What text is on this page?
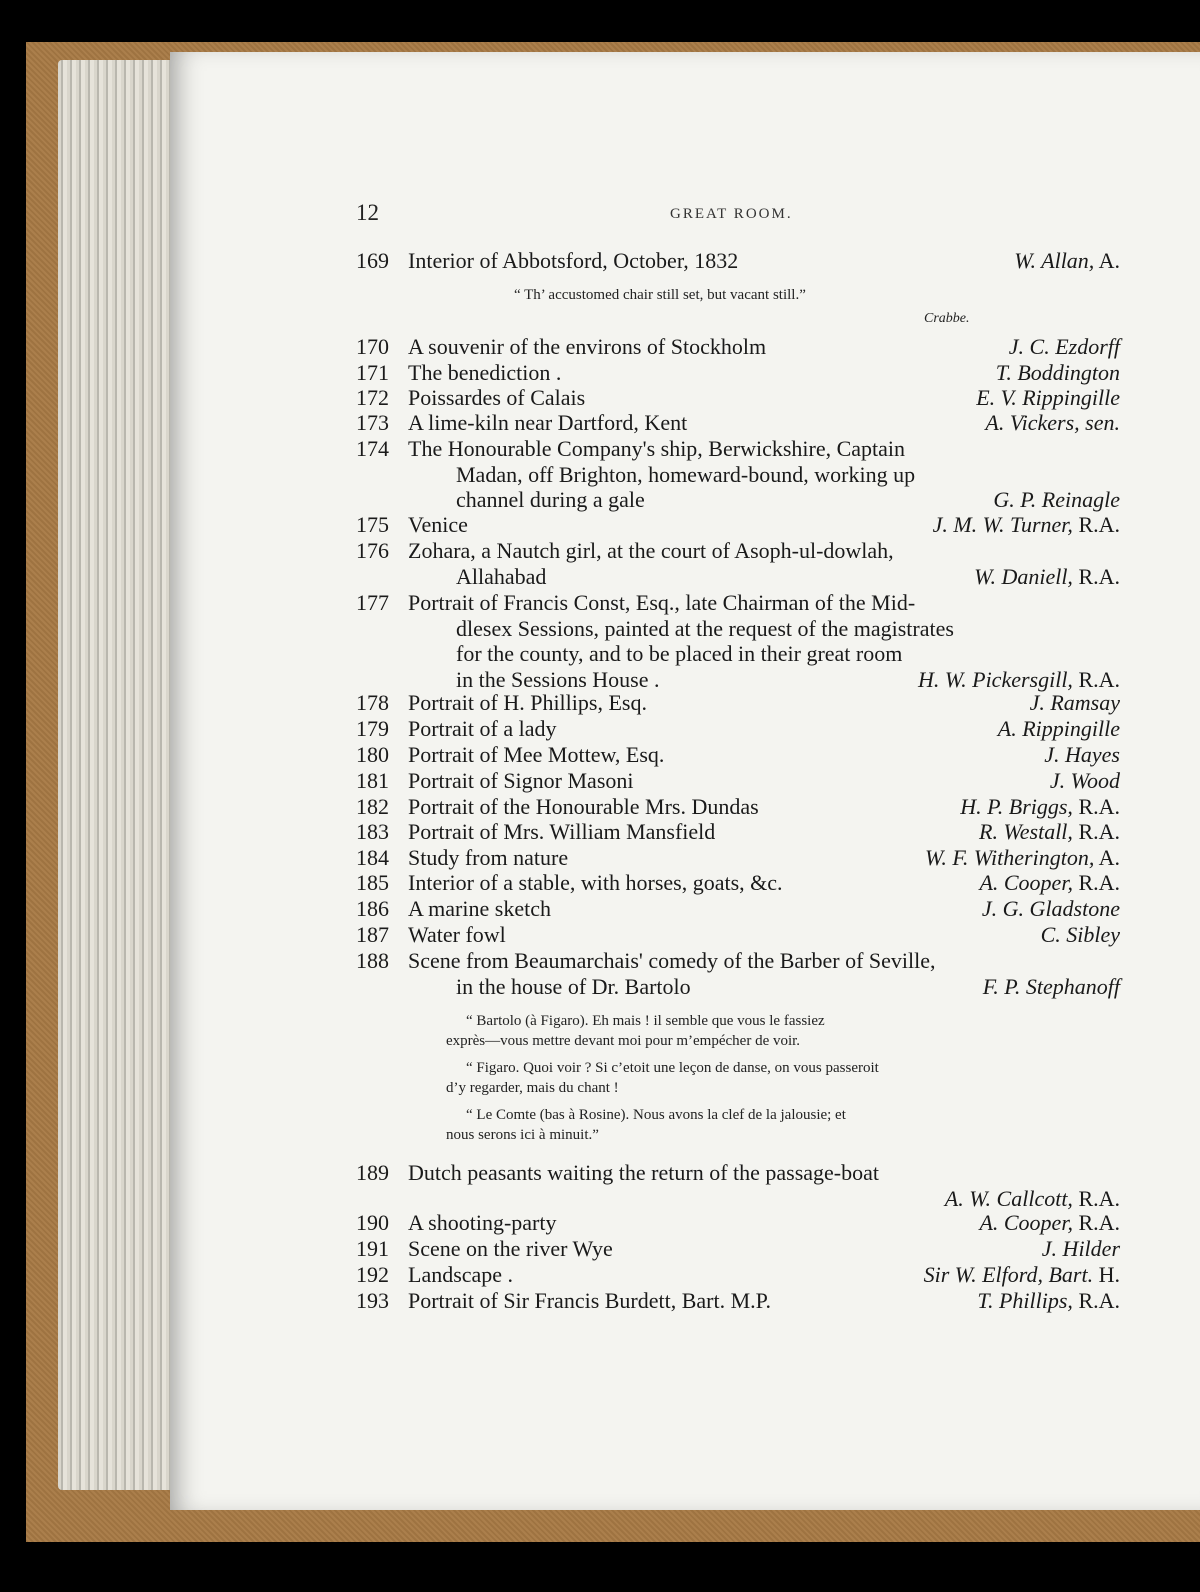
12	GREAT ROOM.
169 Interior of Abbotsford, October, 1832	W. Allan, A.
170 A souvenir of the environs of Stockholm	J. C. Ezdorff
171 The benediction .	T. Boddington
172 Poissardes of Calais	E. V. Rippingille
173 A lime-kiln near Dartford, Kent	A. Vickers, sen.
174 The Honourable Company's ship, Berwickshire, Captain
Madan, off Brighton, homeward-bound, working up
channel during a gale	G. P. Reinagle
175 Venice	J. M. W. Turner, R.A.
176 Zohara, a Nautch girl, at the court of Asoph-ul-dowlah,
Allahabad	W. Daniell, R.A.
177 Portrait of Francis Const, Esq., late Chairman of the Mid-
dlesex Sessions, painted at the request of the magistrates
for the county, and to be placed in their great room
in the Sessions House .	H. W. Pickersgill, R.A.
178 Portrait of H. Phillips, Esq.	J. Ramsay
179 Portrait of a lady	A. Rippingille
180 Portrait of Mee Mottew, Esq.	J. Hayes
181 Portrait of Signor Masoni	J. Wood
182 Portrait of the Honourable Mrs. Dundas	H. P. Briggs, R.A.
183 Portrait of Mrs. William Mansfield	R. Westall, R.A.
184 Study from nature	W. F. Witherington, A.
185 Interior of a stable, with horses, goats, &c.	A. Cooper, R.A.
186 A marine sketch	J. G. Gladstone
187 Water fowl	C. Sibley
188 Scene from Beaumarchais' comedy of the Barber of Seville,
in the house of Dr. Bartolo	F. P. Stephanoff
189 Dutch peasants waiting the return of the passage-boat
A. W. Callcott, R.A.
190 A shooting-party	A. Cooper, R.A.
191 Scene on the river Wye	J. Hilder
192 Landscape .	Sir W. Elford, Bart. H.
193 Portrait of Sir Francis Burdett, Bart. M.P.	T. Phillips, R.A.
“ Th’ accustomed chair still set, but vacant still.”
Crabbe.
“ Bartolo (à Figaro). Eh mais ! il semble que vous le fassiez
exprès—vous mettre devant moi pour m’empécher de voir.
“ Figaro. Quoi voir ? Si c’etoit une leçon de danse, on vous passeroit
d’y regarder, mais du chant !
“ Le Comte (bas à Rosine). Nous avons la clef de la jalousie; et
nous serons ici à minuit.”
